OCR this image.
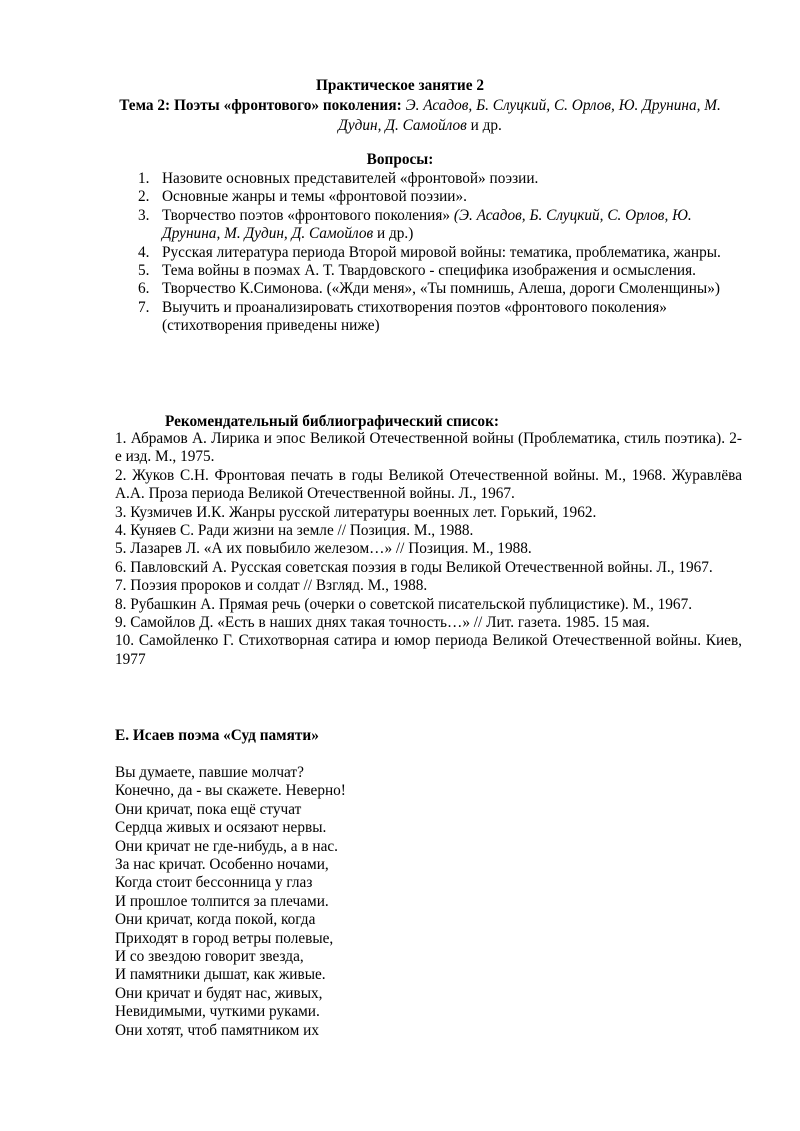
Практическое занятие 2
Тема 2: Поэты «фронтового» поколения: Э. Асадов, Б. Слуцкий, С. Орлов, Ю. Друнина, М. Дудин, Д. Самойлов и др.
Вопросы:
1. Назовите основных представителей «фронтовой» поэзии.
2. Основные жанры и темы «фронтовой поэзии».
3. Творчество поэтов «фронтового поколения» (Э. Асадов, Б. Слуцкий, С. Орлов, Ю. Друнина, М. Дудин, Д. Самойлов и др.)
4. Русская литература периода Второй мировой войны: тематика, проблематика, жанры.
5. Тема войны в поэмах А. Т. Твардовского - специфика изображения и осмысления.
6. Творчество К.Симонова. («Жди меня», «Ты помнишь, Алеша, дороги Смоленщины»)
7. Выучить и проанализировать стихотворения поэтов «фронтового поколения» (стихотворения приведены ниже)
Рекомендательный библиографический список:

1. Абрамов А. Лирика и эпос Великой Отечественной войны (Проблематика, стиль поэтика). 2-е изд. М., 1975.

2. Жуков С.Н. Фронтовая печать в годы Великой Отечественной войны. М., 1968. Журавлёва А.А. Проза периода Великой Отечественной войны. Л., 1967.

3. Кузмичев И.К. Жанры русской литературы военных лет. Горький, 1962.

4. Куняев С. Ради жизни на земле // Позиция. М., 1988.

5. Лазарев Л. «А их повыбило железом…» // Позиция. М., 1988.

6. Павловский А. Русская советская поэзия в годы Великой Отечественной войны. Л., 1967.

7. Поэзия пророков и солдат // Взгляд. М., 1988.

8. Рубашкин А. Прямая речь (очерки о советской писательской публицистике). М., 1967.

9. Самойлов Д. «Есть в наших днях такая точность…» // Лит. газета. 1985. 15 мая.

10. Самойленко Г. Стихотворная сатира и юмор периода Великой Отечественной войны. Киев, 1977

Е. Исаев поэма «Суд памяти»
Вы думаете, павшие молчат?
Конечно, да - вы скажете. Неверно!
Они кричат, пока ещё стучат
Сердца живых и осязают нервы.
Они кричат не где-нибудь, а в нас.
За нас кричат. Особенно ночами,
Когда стоит бессонница у глаз
И прошлое толпится за плечами.
Они кричат, когда покой, когда
Приходят в город ветры полевые,
И со звездою говорит звезда,
И памятники дышат, как живые.
Они кричат и будят нас, живых,
Невидимыми, чуткими руками.
Они хотят, чтоб памятником их
